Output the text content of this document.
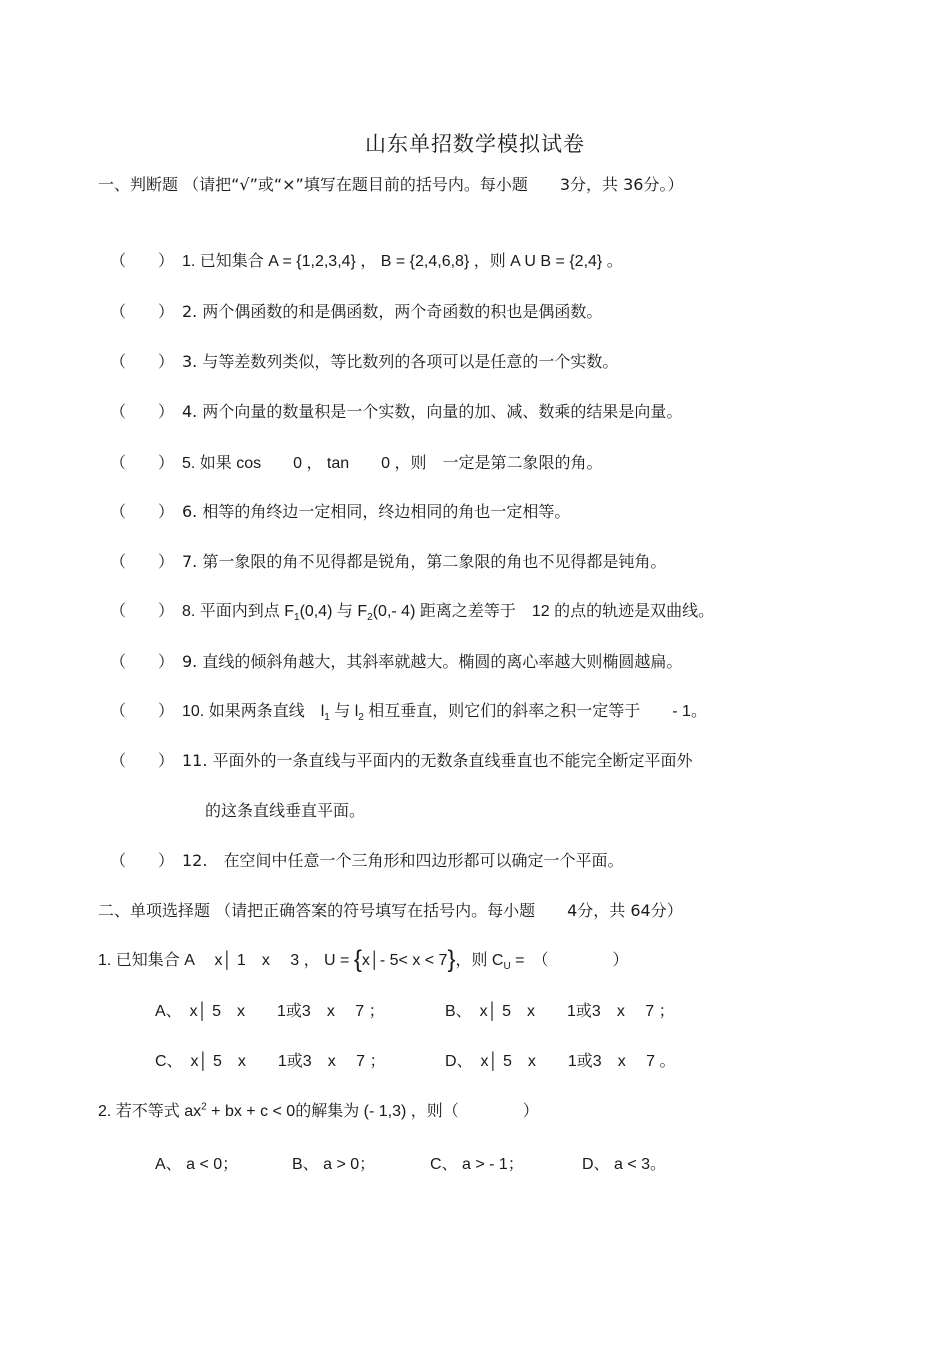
山东单招数学模拟试卷
一、判断题 （请把“√”或“×”填写在题目前的括号内。每小题　　3分，共 36分。）
（　　） 1. 已知集合 A = {1,2,3,4} ， B = {2,4,6,8} ，则 A U B = {2,4} 。
（　　） 2. 两个偶函数的和是偶函数，两个奇函数的积也是偶函数。
（　　） 3. 与等差数列类似，等比数列的各项可以是任意的一个实数。
（　　） 4. 两个向量的数量积是一个实数，向量的加、减、数乘的结果是向量。
（　　） 5. 如果 cos　　0 ， tan　　0 ，则　一定是第二象限的角。
（　　） 6. 相等的角终边一定相同，终边相同的角也一定相等。
（　　） 7. 第一象限的角不见得都是锐角，第二象限的角也不见得都是钝角。
（　　） 8. 平面内到点 $F_1(0,4)$ 与 $F_2(0,-$ 4) 距离之差等于　12 的点的轨迹是双曲线。
（　　） 9. 直线的倾斜角越大，其斜率就越大。椭圆的离心率越大则椭圆越扁。
（　　） 10. 如果两条直线　$l_1$ 与 $l_2$ 相互垂直，则它们的斜率之积一定等于　　- 1。
（　　） 11. 平面外的一条直线与平面内的无数条直线垂直也不能完全断定平面外
的这条直线垂直平面。
（　　） 12.　在空间中任意一个三角形和四边形都可以确定一个平面。
二、单项选择题 （请把正确答案的符号填写在括号内。每小题　　4分，共 64分）
1. 已知集合 A　 x│ 1　x　 3 ， U = {x│- 5< x < 7}，则 $C_U$ =　（　　　　）
A、　x│ 5　x　　1或3　x　 7 ；	B、　x│ 5　x　　1或3　x　 7 ；
C、　x│ 5　x　　1或3　x　 7 ；	D、　x│ 5　x　　1或3　x　 7 。
2. 若不等式 $ax^2$ + bx + c < 0的解集为 (- 1,3) ，则（　　　　）
A、 a < 0；	B、 a > 0；	C、 a > - 1；	D、 a < 3。
